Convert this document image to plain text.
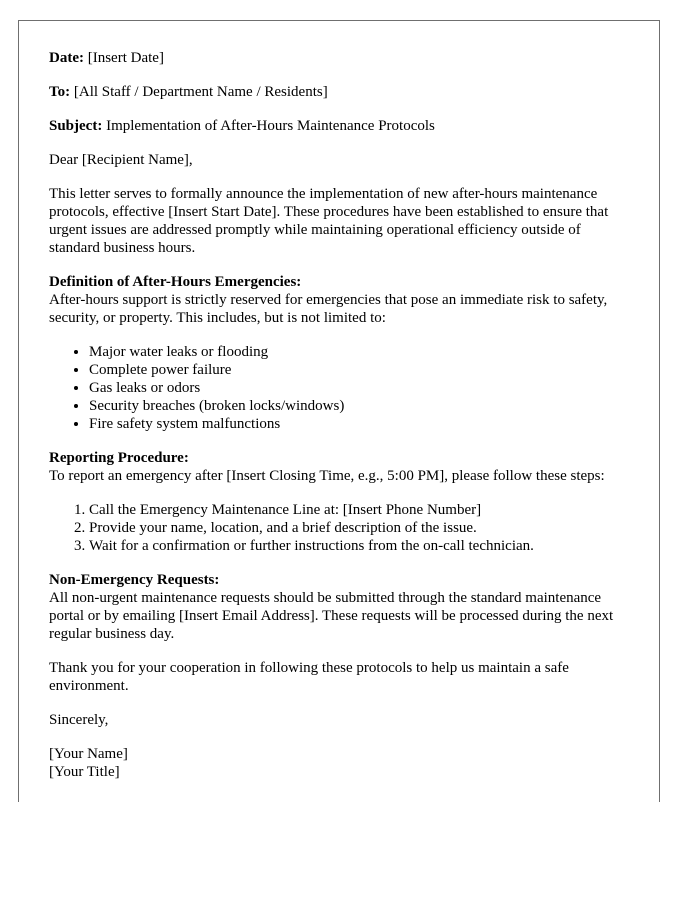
Date: [Insert Date]

To: [All Staff / Department Name / Residents]

Subject: Implementation of After-Hours Maintenance Protocols

Dear [Recipient Name],

This letter serves to formally announce the implementation of new after-hours maintenance protocols, effective [Insert Start Date]. These procedures have been established to ensure that urgent issues are addressed promptly while maintaining operational efficiency outside of standard business hours.

Definition of After-Hours Emergencies:

After-hours support is strictly reserved for emergencies that pose an immediate risk to safety, security, or property. This includes, but is not limited to:

• Major water leaks or flooding
• Complete power failure
• Gas leaks or odors
• Security breaches (broken locks/windows)
• Fire safety system malfunctions

Reporting Procedure:

To report an emergency after [Insert Closing Time, e.g., 5:00 PM], please follow these steps:

1. Call the Emergency Maintenance Line at: [Insert Phone Number]
2. Provide your name, location, and a brief description of the issue.
3. Wait for a confirmation or further instructions from the on-call technician.

Non-Emergency Requests:

All non-urgent maintenance requests should be submitted through the standard maintenance portal or by emailing [Insert Email Address]. These requests will be processed during the next regular business day.

Thank you for your cooperation in following these protocols to help us maintain a safe environment.

Sincerely,

[Your Name]

[Your Title]
